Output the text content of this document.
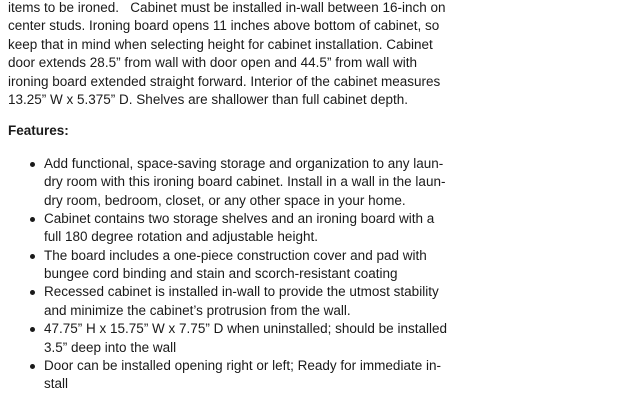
items to be ironed.   Cabinet must be installed in-wall between 16-inch on
center studs. Ironing board opens 11 inches above bottom of cabinet, so
keep that in mind when selecting height for cabinet installation. Cabinet
door extends 28.5” from wall with door open and 44.5” from wall with
ironing board extended straight forward. Interior of the cabinet measures
13.25” W x 5.375” D. Shelves are shallower than full cabinet depth.
Features:
Add functional, space-saving storage and organization to any laun-
dry room with this ironing board cabinet. Install in a wall in the laun-
dry room, bedroom, closet, or any other space in your home.
Cabinet contains two storage shelves and an ironing board with a
full 180 degree rotation and adjustable height.
The board includes a one-piece construction cover and pad with
bungee cord binding and stain and scorch-resistant coating
Recessed cabinet is installed in-wall to provide the utmost stability
and minimize the cabinet’s protrusion from the wall.
47.75” H x 15.75” W x 7.75” D when uninstalled; should be installed
3.5” deep into the wall
Door can be installed opening right or left; Ready for immediate in-
stall
